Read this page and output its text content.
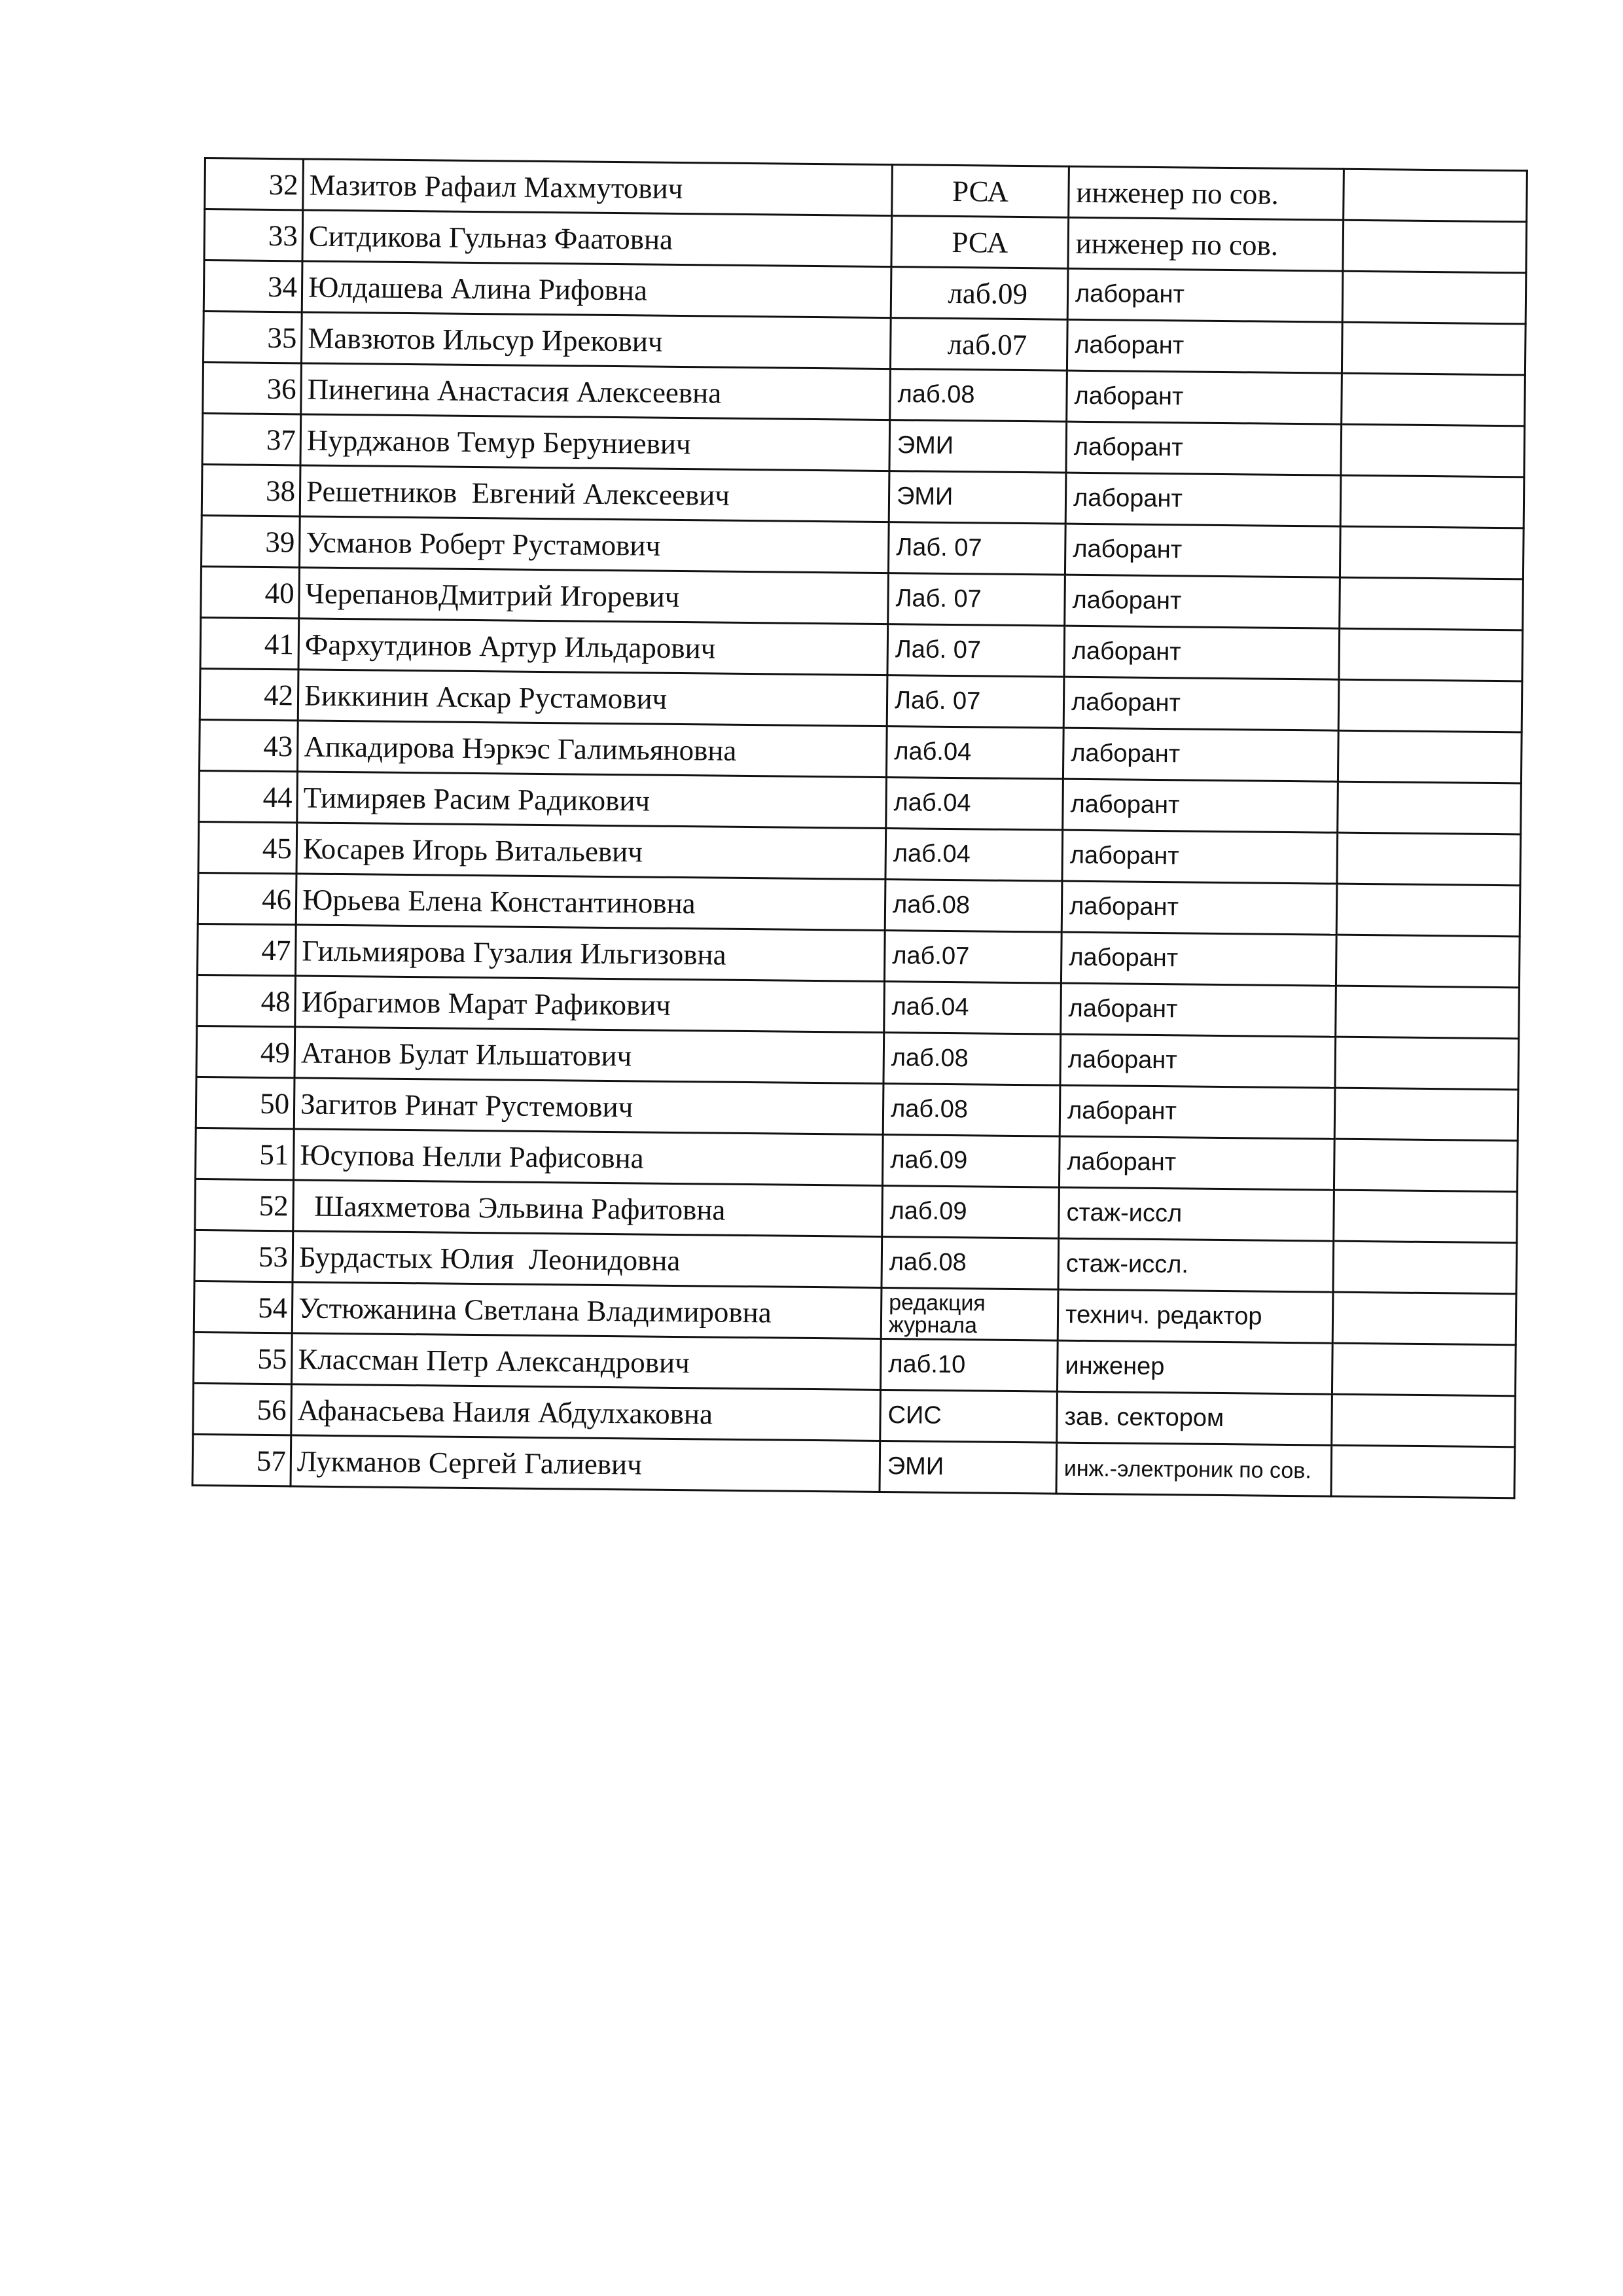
32	Мазитов Рафаил Махмутович	РСА	инженер по сов.	
33	Ситдикова Гульназ Фаатовна	РСА	инженер по сов.	
34	Юлдашева Алина Рифовна	лаб.09	лаборант	
35	Мавзютов Ильсур Ирекович	лаб.07	лаборант	
36	Пинегина Анастасия Алексеевна	лаб.08	лаборант	
37	Нурджанов Темур Беруниевич	ЭМИ	лаборант	
38	Решетников  Евгений Алексеевич	ЭМИ	лаборант	
39	Усманов Роберт Рустамович	Лаб. 07	лаборант	
40	ЧерепановДмитрий Игоревич	Лаб. 07	лаборант	
41	Фархутдинов Артур Ильдарович	Лаб. 07	лаборант	
42	Биккинин Аскар Рустамович	Лаб. 07	лаборант	
43	Апкадирова Нэркэс Галимьяновна	лаб.04	лаборант	
44	Тимиряев Расим Радикович	лаб.04	лаборант	
45	Косарев Игорь Витальевич	лаб.04	лаборант	
46	Юрьева Елена Константиновна	лаб.08	лаборант	
47	Гильмиярова Гузалия Ильгизовна	лаб.07	лаборант	
48	Ибрагимов Марат Рафикович	лаб.04	лаборант	
49	Атанов Булат Ильшатович	лаб.08	лаборант	
50	Загитов Ринат Рустемович	лаб.08	лаборант	
51	Юсупова Нелли Рафисовна	лаб.09	лаборант	
52	Шаяхметова Эльвина Рафитовна	лаб.09	стаж-иссл	
53	Бурдастых Юлия  Леонидовна	лаб.08	стаж-иссл.	
54	Устюжанина Светлана Владимировна	редакция журнала	технич. редактор	
55	Классман Петр Александрович	лаб.10	инженер	
56	Афанасьева Наиля Абдулхаковна	СИС	зав. сектором	
57	Лукманов Сергей Галиевич	ЭМИ	инж.-электроник по сов.	
